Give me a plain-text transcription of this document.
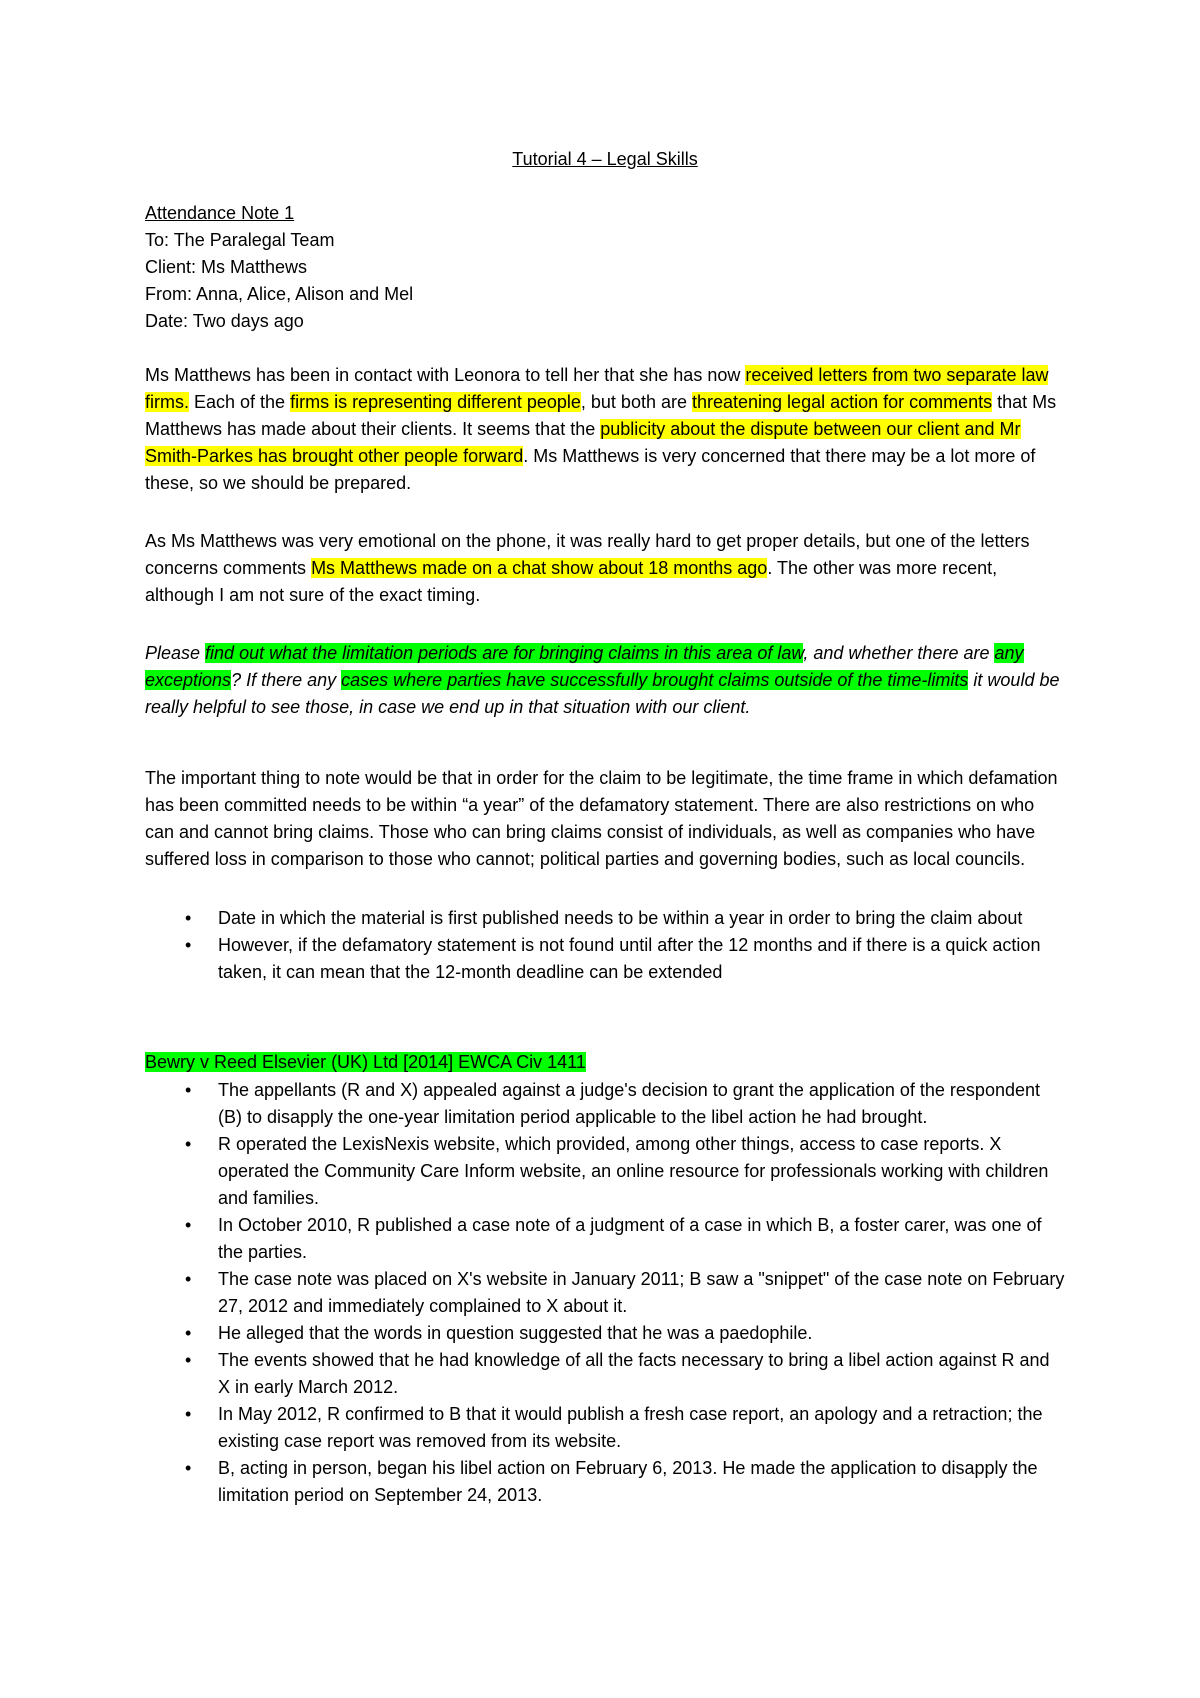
Tutorial 4 – Legal Skills
Attendance Note 1
To: The Paralegal Team
Client: Ms Matthews
From: Anna, Alice, Alison and Mel
Date: Two days ago

Ms Matthews has been in contact with Leonora to tell her that she has now received letters from two separate law firms. Each of the firms is representing different people, but both are threatening legal action for comments that Ms Matthews has made about their clients. It seems that the publicity about the dispute between our client and Mr Smith-Parkes has brought other people forward. Ms Matthews is very concerned that there may be a lot more of these, so we should be prepared.

As Ms Matthews was very emotional on the phone, it was really hard to get proper details, but one of the letters concerns comments Ms Matthews made on a chat show about 18 months ago. The other was more recent, although I am not sure of the exact timing.

Please find out what the limitation periods are for bringing claims in this area of law, and whether there are any exceptions? If there any cases where parties have successfully brought claims outside of the time-limits it would be really helpful to see those, in case we end up in that situation with our client.

The important thing to note would be that in order for the claim to be legitimate, the time frame in which defamation has been committed needs to be within “a year” of the defamatory statement. There are also restrictions on who can and cannot bring claims. Those who can bring claims consist of individuals, as well as companies who have suffered loss in comparison to those who cannot; political parties and governing bodies, such as local councils.

• Date in which the material is first published needs to be within a year in order to bring the claim about
• However, if the defamatory statement is not found until after the 12 months and if there is a quick action taken, it can mean that the 12-month deadline can be extended
Bewry v Reed Elsevier (UK) Ltd [2014] EWCA Civ 1411
• The appellants (R and X) appealed against a judge's decision to grant the application of the respondent (B) to disapply the one-year limitation period applicable to the libel action he had brought.
• R operated the LexisNexis website, which provided, among other things, access to case reports. X operated the Community Care Inform website, an online resource for professionals working with children and families.
• In October 2010, R published a case note of a judgment of a case in which B, a foster carer, was one of the parties.
• The case note was placed on X's website in January 2011; B saw a "snippet" of the case note on February 27, 2012 and immediately complained to X about it.
• He alleged that the words in question suggested that he was a paedophile.
• The events showed that he had knowledge of all the facts necessary to bring a libel action against R and X in early March 2012.
• In May 2012, R confirmed to B that it would publish a fresh case report, an apology and a retraction; the existing case report was removed from its website.
• B, acting in person, began his libel action on February 6, 2013. He made the application to disapply the limitation period on September 24, 2013.
